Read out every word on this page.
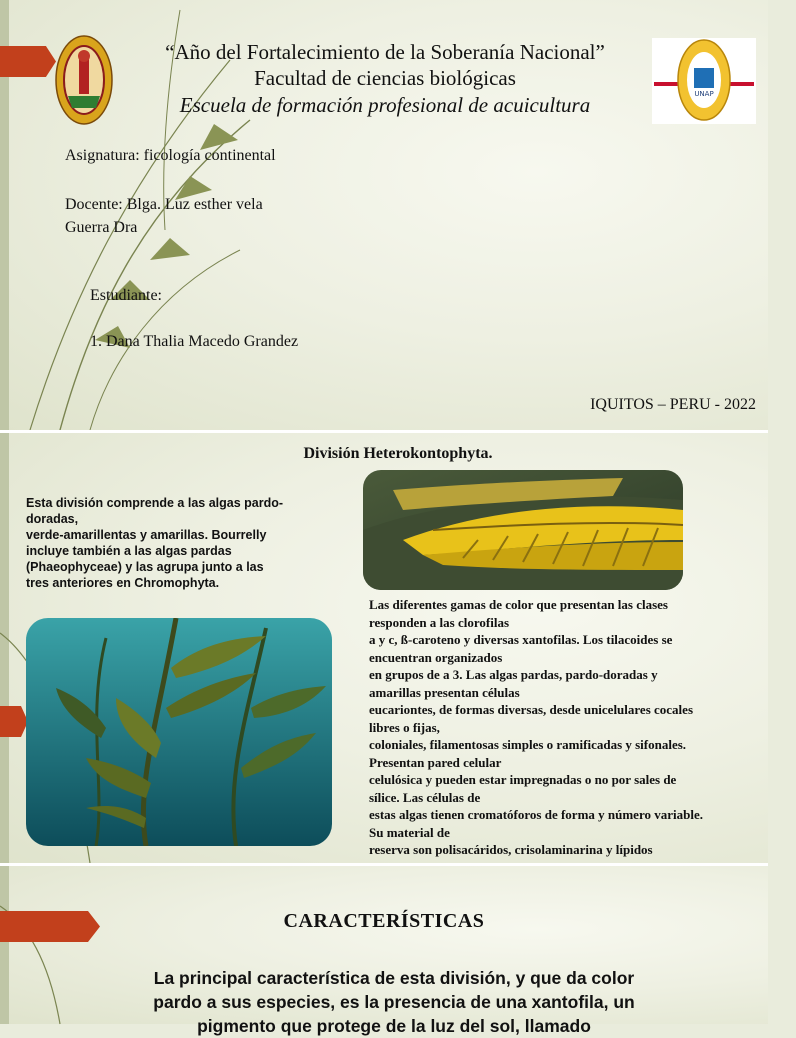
UNAP

“Año del Fortalecimiento de la Soberanía Nacional”

Facultad de ciencias biológicas

Escuela de formación profesional de acuicultura

Asignatura: ficología continental

Docente: Blga. Luz esther vela

Guerra Dra

Estudiante:

1. Dana Thalia Macedo Grandez

IQUITOS – PERU - 2022

División Heterokontophyta.

Esta división comprende a las algas pardo-
doradas,
verde-amarillentas y amarillas. Bourrelly
incluye también a las algas pardas
(Phaeophyceae) y las agrupa junto a las
tres anteriores en Chromophyta.
Las diferentes gamas de color que presentan las clases
responden a las clorofilas
a y c, ß-caroteno y diversas xantofilas. Los tilacoides se
encuentran organizados
en grupos de a 3. Las algas pardas, pardo-doradas y
amarillas presentan células
eucariontes, de formas diversas, desde unicelulares cocales
libres o fijas,
coloniales, filamentosas simples o ramificadas y sifonales.
Presentan pared celular
celulósica y pueden estar impregnadas o no por sales de
sílice. Las células de
estas algas tienen cromatóforos de forma y número variable.
Su material de
reserva son polisacáridos, crisolaminarina y lípidos

CARACTERÍSTICAS

La principal característica de esta división, y que da color
pardo a sus especies, es la presencia de una xantofila, un
pigmento que protege de la luz del sol, llamado
